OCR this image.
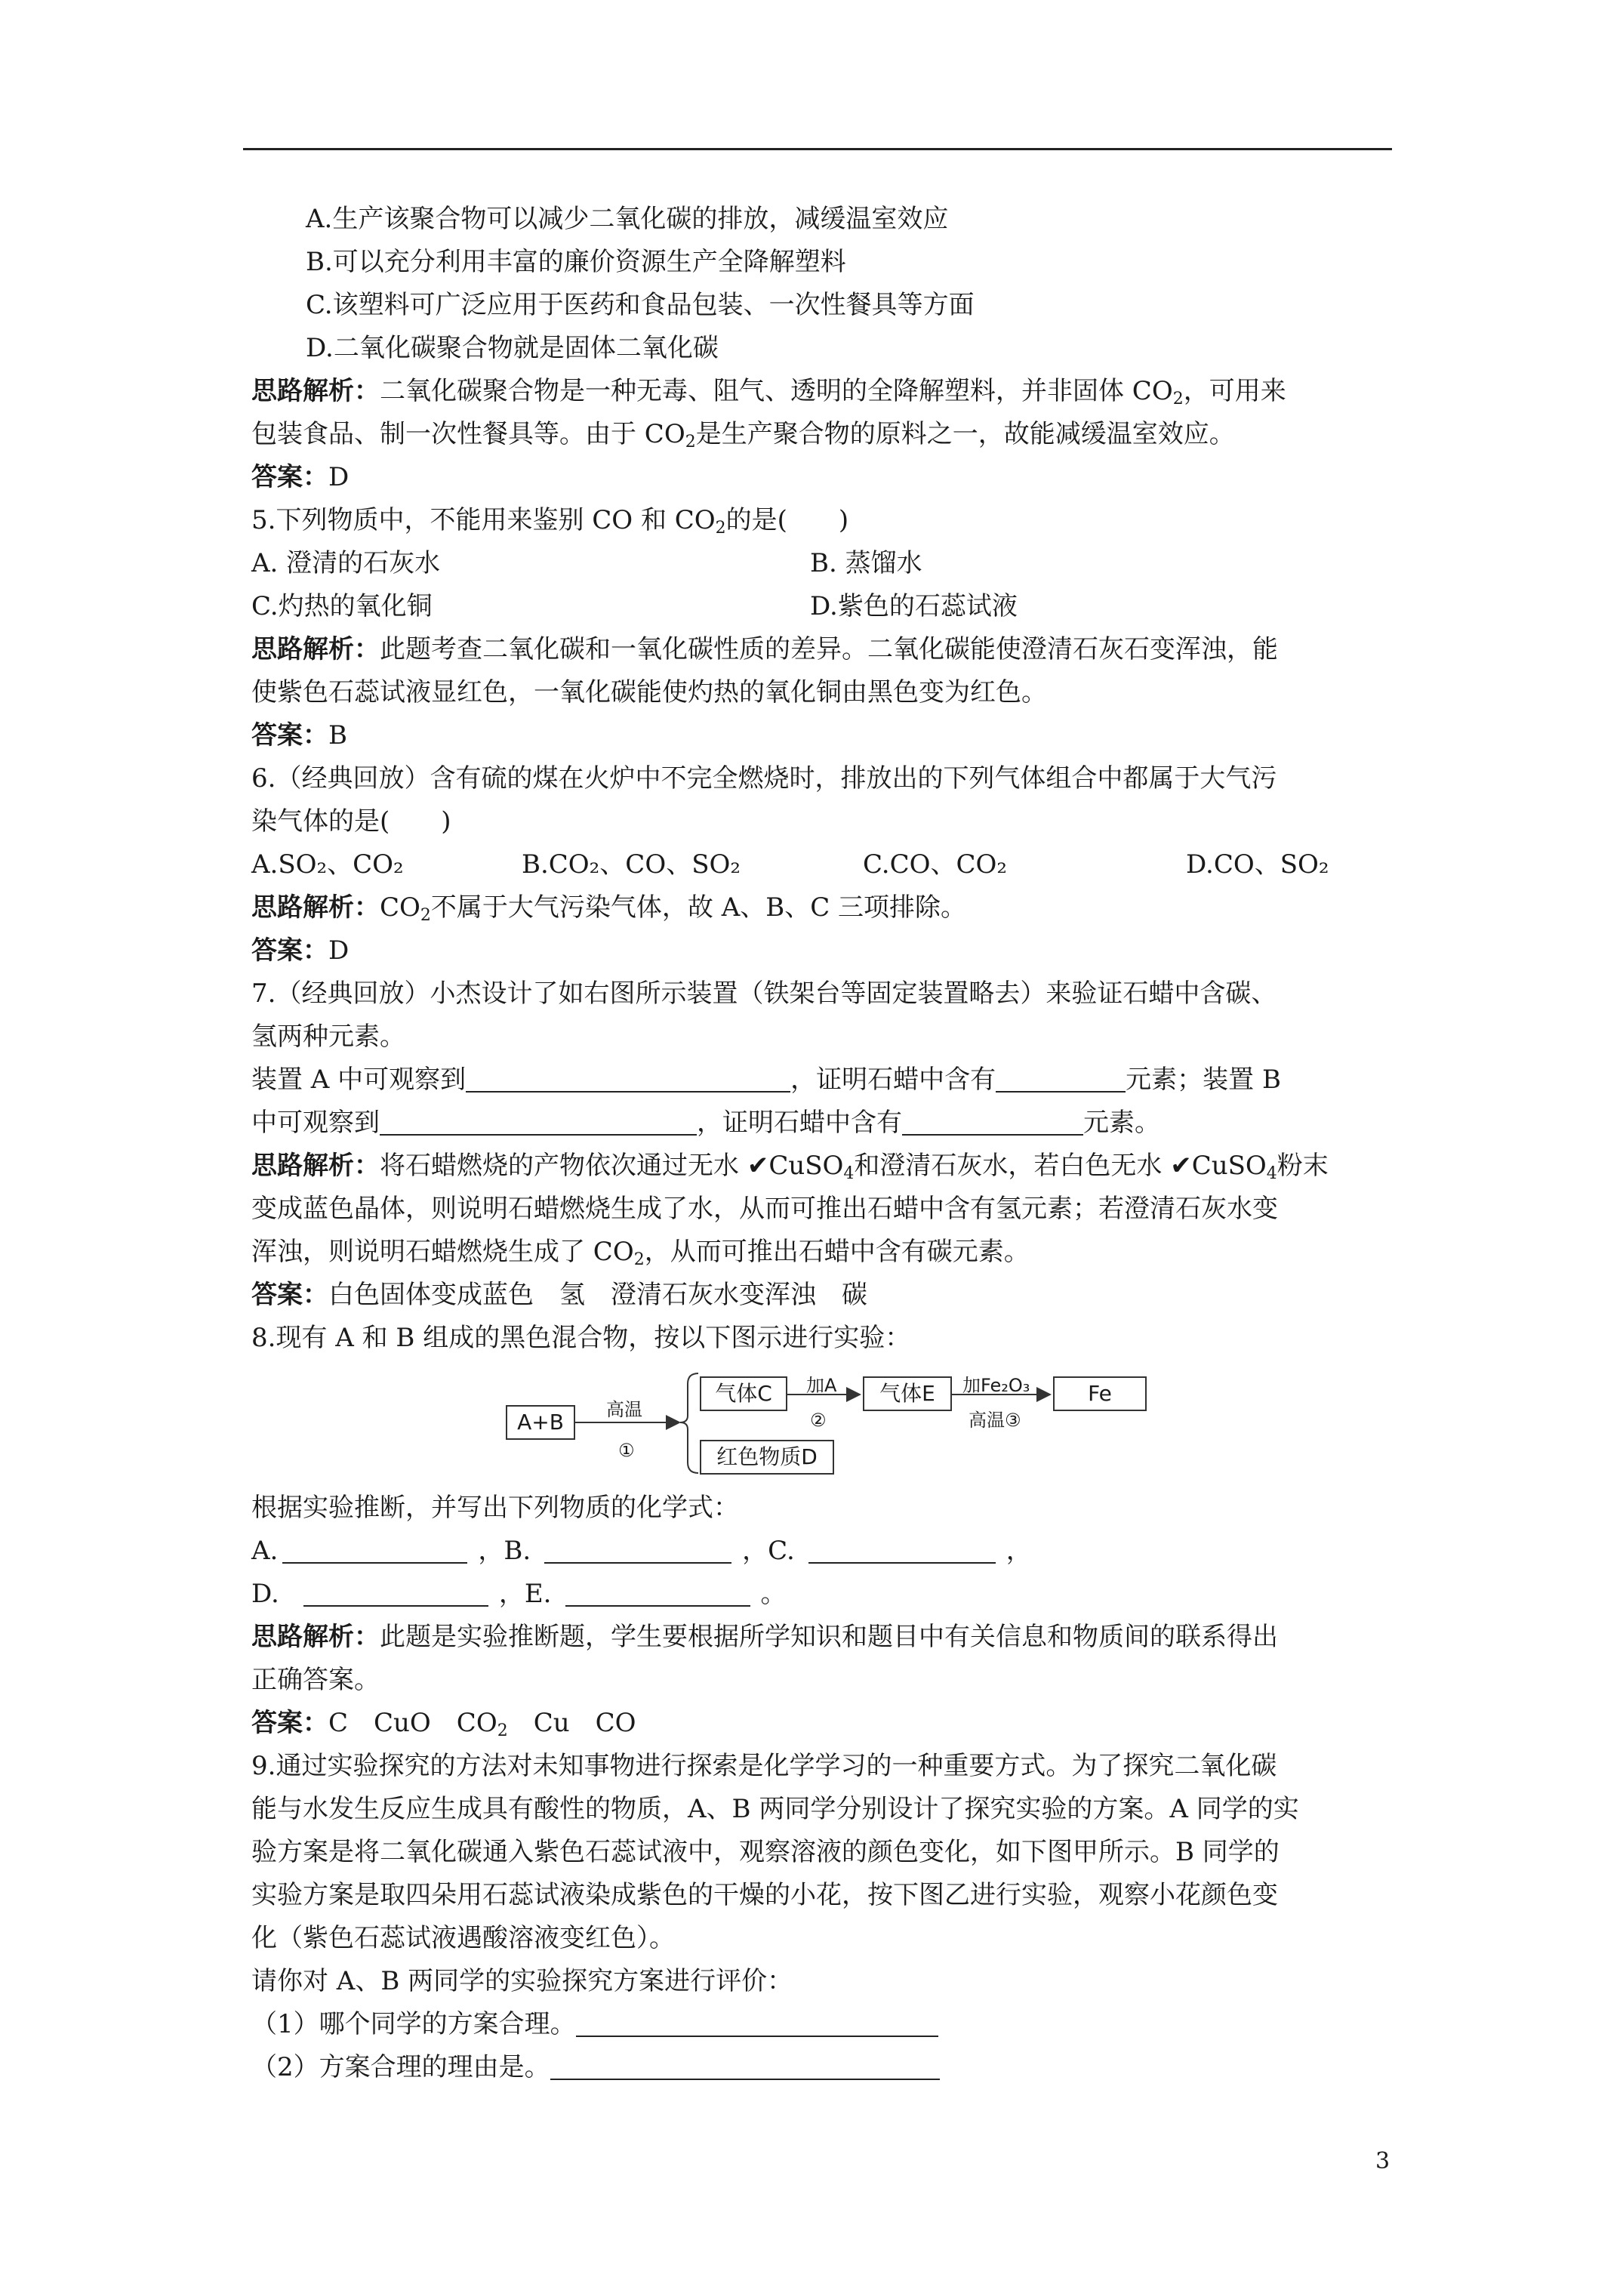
A.生产该聚合物可以减少二氧化碳的排放，减缓温室效应
B.可以充分利用丰富的廉价资源生产全降解塑料
C.该塑料可广泛应用于医药和食品包装、一次性餐具等方面
D.二氧化碳聚合物就是固体二氧化碳
思路解析：二氧化碳聚合物是一种无毒、阻气、透明的全降解塑料，并非固体 $CO_2$，可用来
包装食品、制一次性餐具等。由于 $CO_2$是生产聚合物的原料之一，故能减缓温室效应。
答案：D
5.下列物质中，不能用来鉴别 CO 和 $CO_2$的是(　　)
A. 澄清的石灰水	B. 蒸馏水
C.灼热的氧化铜	D.紫色的石蕊试液
思路解析：此题考查二氧化碳和一氧化碳性质的差异。二氧化碳能使澄清石灰石变浑浊，能
使紫色石蕊试液显红色，一氧化碳能使灼热的氧化铜由黑色变为红色。
答案：B
6.（经典回放）含有硫的煤在火炉中不完全燃烧时，排放出的下列气体组合中都属于大气污
染气体的是(　　)
A.SO₂、CO₂	B.CO₂、CO、SO₂	C.CO、CO₂	D.CO、SO₂
思路解析：$CO_2$不属于大气污染气体，故 A、B、C 三项排除。
答案：D
7.（经典回放）小杰设计了如右图所示装置（铁架台等固定装置略去）来验证石蜡中含碳、
氢两种元素。
装置 A 中可观察到	，证明石蜡中含有	元素；装置 B
中可观察到	，证明石蜡中含有	元素。
思路解析：将石蜡燃烧的产物依次通过无水 ✔CuSO$_4$和澄清石灰水，若白色无水 ✔CuSO$_4$粉末
变成蓝色晶体，则说明石蜡燃烧生成了水，从而可推出石蜡中含有氢元素；若澄清石灰水变
浑浊，则说明石蜡燃烧生成了 $CO_2$，从而可推出石蜡中含有碳元素。
答案：白色固体变成蓝色　氢　澄清石灰水变浑浊　碳
8.现有 A 和 B 组成的黑色混合物，按以下图示进行实验：
A+B	高温
①
气体C	加A
②
气体E	加Fe₂O₃
高温③
Fe
红色物质D
根据实验推断，并写出下列物质的化学式：
A.	，B.	，C.	，
D.	，E.	。
思路解析：此题是实验推断题，学生要根据所学知识和题目中有关信息和物质间的联系得出
正确答案。
答案：C　CuO　$CO_2$　Cu　CO
9.通过实验探究的方法对未知事物进行探索是化学学习的一种重要方式。为了探究二氧化碳
能与水发生反应生成具有酸性的物质，A、B 两同学分别设计了探究实验的方案。A 同学的实
验方案是将二氧化碳通入紫色石蕊试液中，观察溶液的颜色变化，如下图甲所示。B 同学的
实验方案是取四朵用石蕊试液染成紫色的干燥的小花，按下图乙进行实验，观察小花颜色变
化（紫色石蕊试液遇酸溶液变红色）。
请你对 A、B 两同学的实验探究方案进行评价：
（1）哪个同学的方案合理。
（2）方案合理的理由是。
3
